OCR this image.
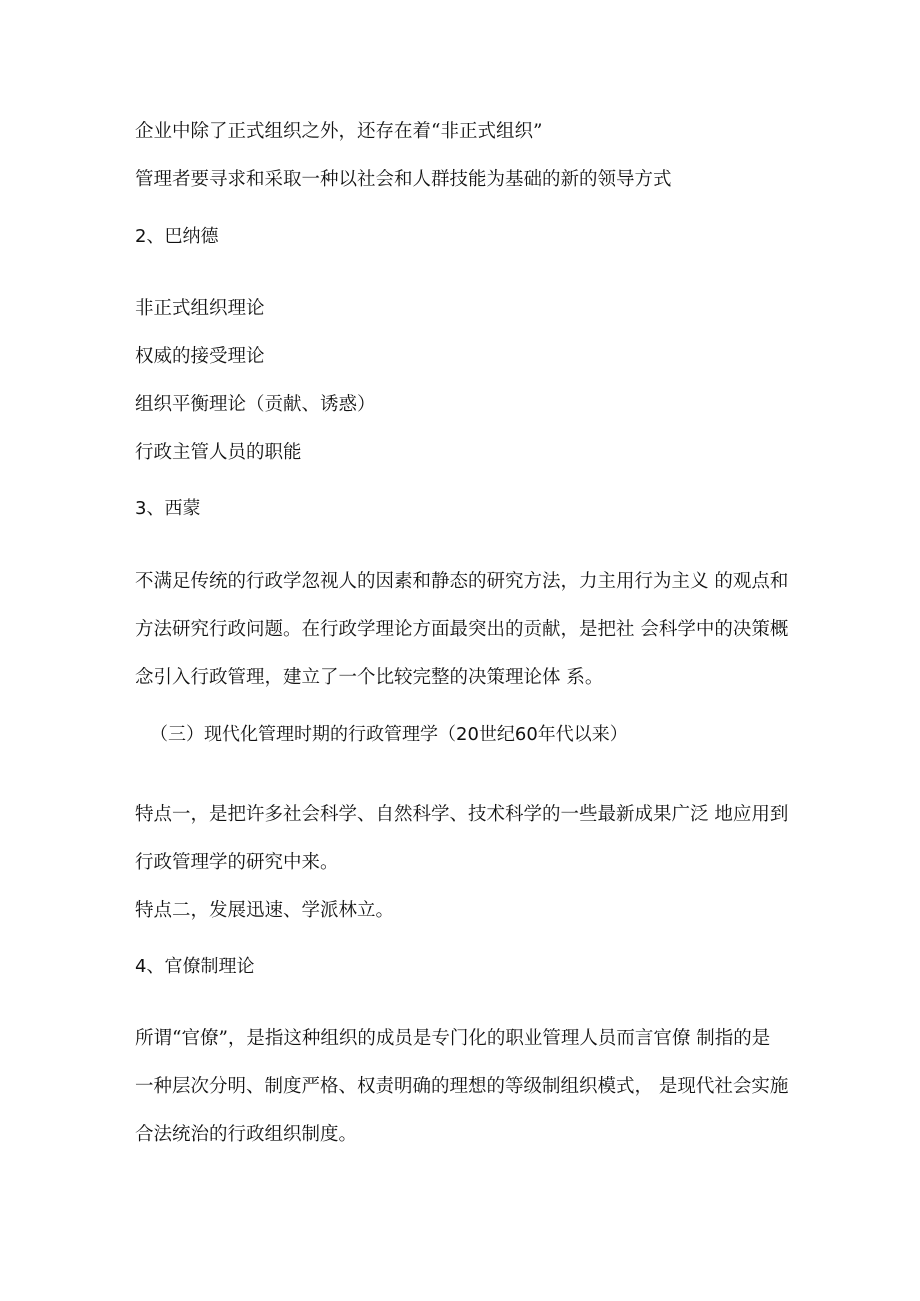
企业中除了正式组织之外，还存在着“非正式组织”

管理者要寻求和采取一种以社会和人群技能为基础的新的领导方式

2、巴纳德

非正式组织理论

权威的接受理论

组织平衡理论（贡献、诱惑）

行政主管人员的职能

3、西蒙

不满足传统的行政学忽视人的因素和静态的研究方法，力主用行为主义 的观点和

方法研究行政问题。在行政学理论方面最突出的贡献，是把社 会科学中的决策概

念引入行政管理，建立了一个比较完整的决策理论体 系。

（三）现代化管理时期的行政管理学（20世纪60年代以来）

特点一，是把许多社会科学、自然科学、技术科学的一些最新成果广泛 地应用到

行政管理学的研究中来。

特点二，发展迅速、学派林立。

4、官僚制理论

所谓“官僚”，是指这种组织的成员是专门化的职业管理人员而言官僚 制指的是

一种层次分明、制度严格、权责明确的理想的等级制组织模式， 是现代社会实施

合法统治的行政组织制度。
